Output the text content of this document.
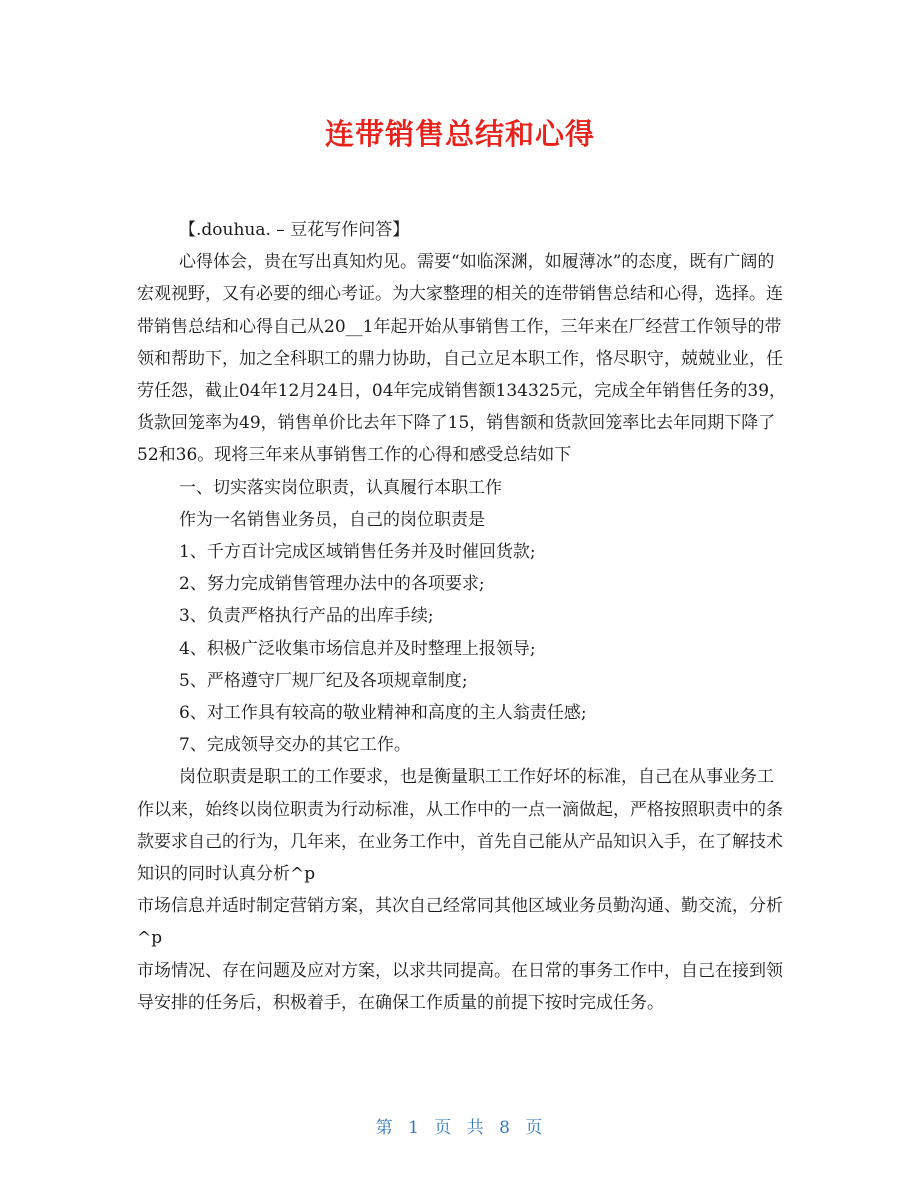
连带销售总结和心得

【.douhua. – 豆花写作问答】

心得体会，贵在写出真知灼见。需要“如临深渊，如履薄冰”的态度，既有广阔的宏观视野，又有必要的细心考证。为大家整理的相关的连带销售总结和心得，选择。连带销售总结和心得自己从20__1年起开始从事销售工作，三年来在厂经营工作领导的带领和帮助下，加之全科职工的鼎力协助，自己立足本职工作，恪尽职守，兢兢业业，任劳任怨，截止04年12月24日，04年完成销售额134325元，完成全年销售任务的39，货款回笼率为49，销售单价比去年下降了15，销售额和货款回笼率比去年同期下降了52和36。现将三年来从事销售工作的心得和感受总结如下

一、切实落实岗位职责，认真履行本职工作

作为一名销售业务员，自己的岗位职责是

1、千方百计完成区域销售任务并及时催回货款;

2、努力完成销售管理办法中的各项要求;

3、负责严格执行产品的出库手续;

4、积极广泛收集市场信息并及时整理上报领导;

5、严格遵守厂规厂纪及各项规章制度;

6、对工作具有较高的敬业精神和高度的主人翁责任感;

7、完成领导交办的其它工作。

岗位职责是职工的工作要求，也是衡量职工工作好坏的标准，自己在从事业务工作以来，始终以岗位职责为行动标准，从工作中的一点一滴做起，严格按照职责中的条款要求自己的行为，几年来，在业务工作中，首先自己能从产品知识入手，在了解技术知识的同时认真分析^p

市场信息并适时制定营销方案，其次自己经常同其他区域业务员勤沟通、勤交流，分析^p

市场情况、存在问题及应对方案，以求共同提高。在日常的事务工作中，自己在接到领导安排的任务后，积极着手，在确保工作质量的前提下按时完成任务。

第 1 页 共 8 页
